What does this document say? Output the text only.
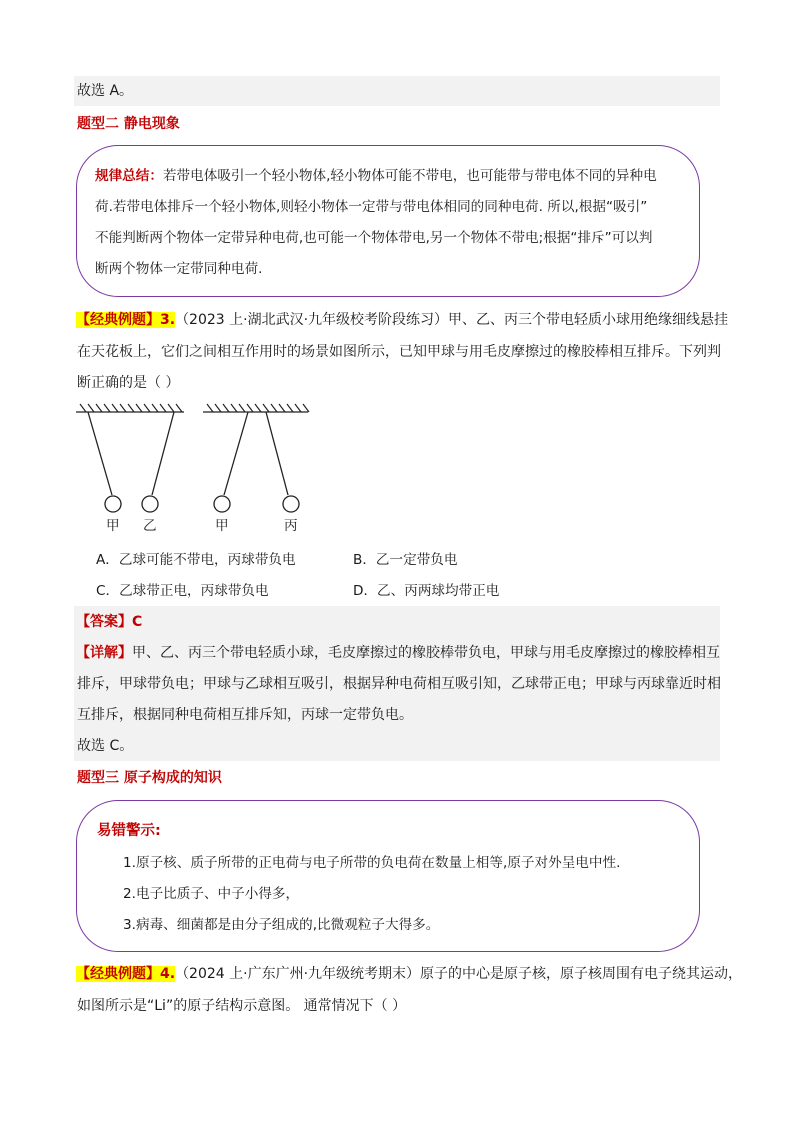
故选 A。
题型二 静电现象
规律总结：若带电体吸引一个轻小物体,轻小物体可能不带电，也可能带与带电体不同的异种电
荷.若带电体排斥一个轻小物体,则轻小物体一定带与带电体相同的同种电荷. 所以,根据“吸引”
不能判断两个物体一定带异种电荷,也可能一个物体带电,另一个物体不带电;根据“排斥”可以判
断两个物体一定带同种电荷.
【经典例题】3.（2023 上·湖北武汉·九年级校考阶段练习）甲、乙、丙三个带电轻质小球用绝缘细线悬挂
在天花板上，它们之间相互作用时的场景如图所示，已知甲球与用毛皮摩擦过的橡胶棒相互排斥。下列判
断正确的是（ ）
甲 乙	甲	丙
A．乙球可能不带电，丙球带负电	B．乙一定带负电
C．乙球带正电，丙球带负电	D．乙、丙两球均带正电
【答案】C
【详解】甲、乙、丙三个带电轻质小球，毛皮摩擦过的橡胶棒带负电，甲球与用毛皮摩擦过的橡胶棒相互
排斥，甲球带负电；甲球与乙球相互吸引，根据异种电荷相互吸引知，乙球带正电；甲球与丙球靠近时相
互排斥，根据同种电荷相互排斥知，丙球一定带负电。
故选 C。
题型三 原子构成的知识
易错警示:
1.原子核、质子所带的正电荷与电子所带的负电荷在数量上相等,原子对外呈电中性.
2.电子比质子、中子小得多，
3.病毒、细菌都是由分子组成的,比微观粒子大得多。
【经典例题】4.（2024 上·广东广州·九年级统考期末）原子的中心是原子核，原子核周围有电子绕其运动，
如图所示是“Li”的原子结构示意图。 通常情况下（ ）
